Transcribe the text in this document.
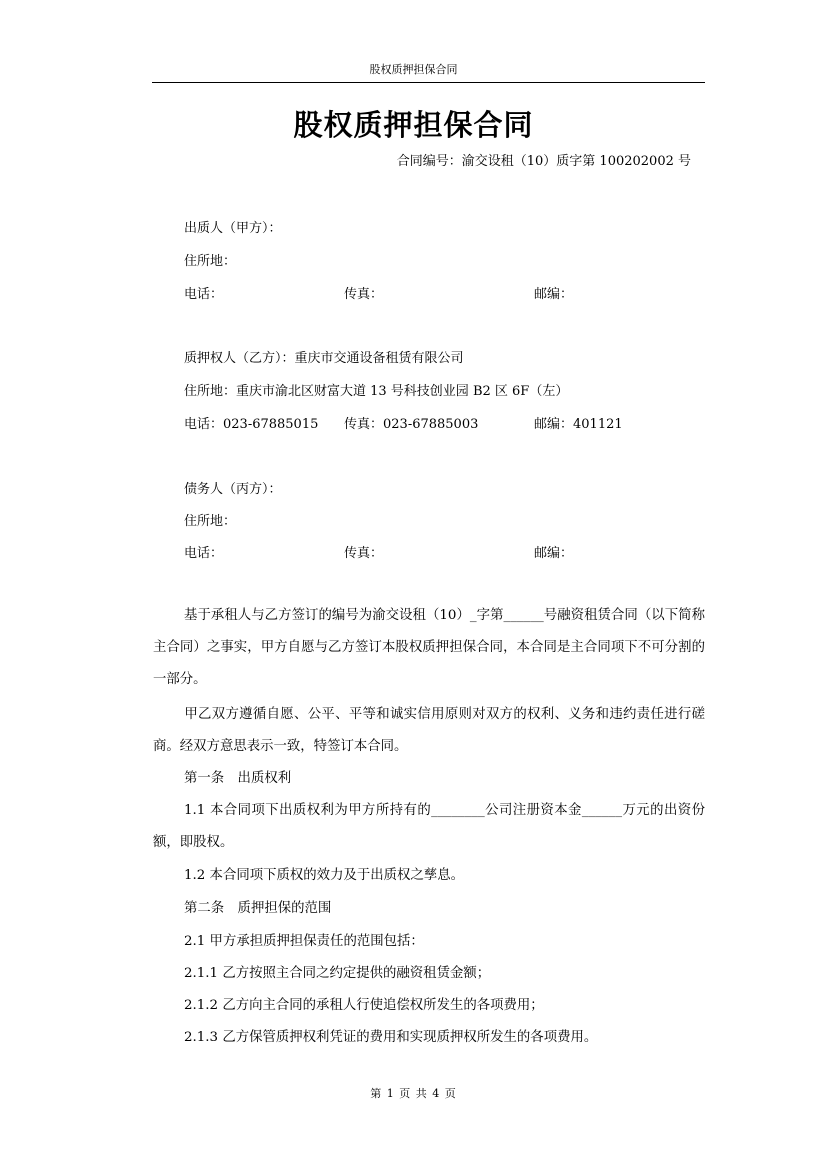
股权质押担保合同
股权质押担保合同
合同编号：渝交设租（10）质字第 100202002 号
出质人（甲方）：
住所地：
电话：	传真：	邮编：
质押权人（乙方）：重庆市交通设备租赁有限公司
住所地：重庆市渝北区财富大道 13 号科技创业园 B2 区 6F（左）
电话：023-67885015 传真：023-67885003	邮编：401121
债务人（丙方）：
住所地：
电话：	传真：	邮编：

基于承租人与乙方签订的编号为渝交设租（10）_字第______号融资租赁合同（以下简称主合同）之事实，甲方自愿与乙方签订本股权质押担保合同，本合同是主合同项下不可分割的一部分。

甲乙双方遵循自愿、公平、平等和诚实信用原则对双方的权利、义务和违约责任进行磋商。经双方意思表示一致，特签订本合同。

第一条　出质权利

1.1 本合同项下出质权利为甲方所持有的________公司注册资本金______万元的出资份额，即股权。

1.2 本合同项下质权的效力及于出质权之孳息。

第二条　质押担保的范围

2.1 甲方承担质押担保责任的范围包括：

2.1.1 乙方按照主合同之约定提供的融资租赁金额；

2.1.2 乙方向主合同的承租人行使追偿权所发生的各项费用；

2.1.3 乙方保管质押权利凭证的费用和实现质押权所发生的各项费用。

第 1 页 共 4 页
